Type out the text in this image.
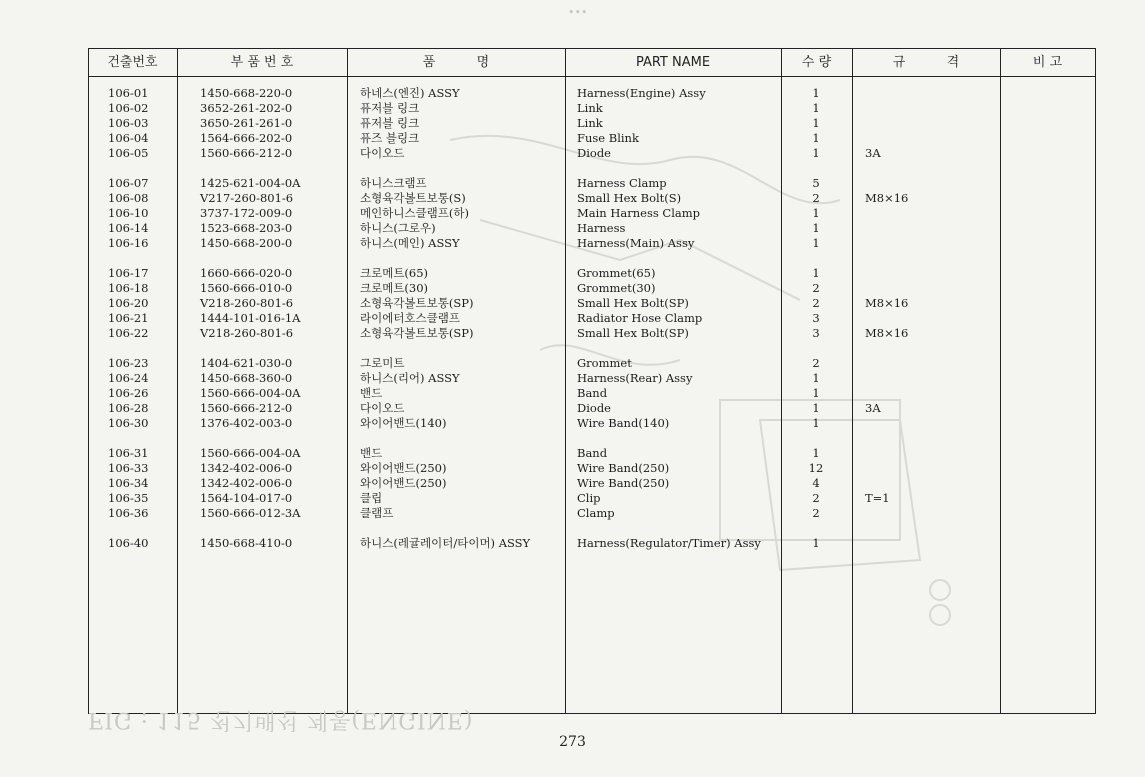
•••
건출번호	부 품 번 호	품          명	PART NAME	수 량	규          격	비 고
106-01	1450-668-220-0	하네스(엔진) ASSY	Harness(Engine) Assy	1
106-02	3652-261-202-0	퓨저블 링크	Link	1
106-03	3650-261-261-0	퓨저블 링크	Link	1
106-04	1564-666-202-0	퓨즈 블링크	Fuse Blink	1
106-05	1560-666-212-0	다이오드	Diode	1	3A
106-07	1425-621-004-0A	하니스크램프	Harness Clamp	5
106-08	V217-260-801-6	소형육각볼트보통(S)	Small Hex Bolt(S)	2	M8×16
106-10	3737-172-009-0	메인하니스클램프(하)	Main Harness Clamp	1
106-14	1523-668-203-0	하니스(그로우)	Harness	1
106-16	1450-668-200-0	하니스(메인) ASSY	Harness(Main) Assy	1
106-17	1660-666-020-0	크로메트(65)	Grommet(65)	1
106-18	1560-666-010-0	크로메트(30)	Grommet(30)	2
106-20	V218-260-801-6	소형육각볼트보통(SP)	Small Hex Bolt(SP)	2	M8×16
106-21	1444-101-016-1A	라이에터호스클램프	Radiator Hose Clamp	3
106-22	V218-260-801-6	소형육각볼트보통(SP)	Small Hex Bolt(SP)	3	M8×16
106-23	1404-621-030-0	그로미트	Grommet	2
106-24	1450-668-360-0	하니스(리어) ASSY	Harness(Rear) Assy	1
106-26	1560-666-004-0A	밴드	Band	1
106-28	1560-666-212-0	다이오드	Diode	1	3A
106-30	1376-402-003-0	와이어밴드(140)	Wire Band(140)	1
106-31	1560-666-004-0A	밴드	Band	1
106-33	1342-402-006-0	와이어밴드(250)	Wire Band(250)	12
106-34	1342-402-006-0	와이어밴드(250)	Wire Band(250)	4
106-35	1564-104-017-0	클립	Clip	2	T=1
106-36	1560-666-012-3A	클램프	Clamp	2
106-40	1450-668-410-0	하니스(레귤레이터/타이머) ASSY	Harness(Regulator/Timer) Assy	1
FIG : 115 전기배선 계통(ENGINE)
273
